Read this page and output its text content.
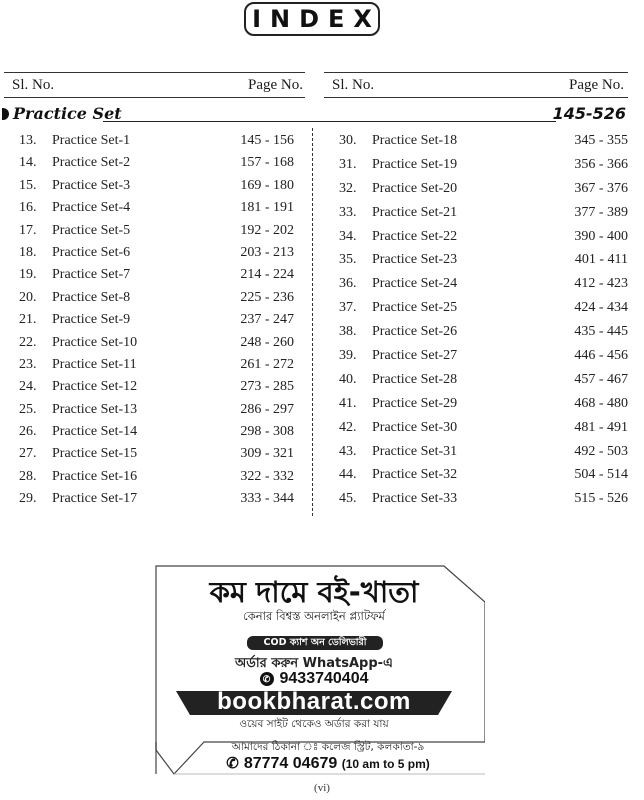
INDEX
Sl. No.	Page No. Sl. No.	Page No.
Practice Set	145-526
13. Practice Set-1	145 - 156
14. Practice Set-2	157 - 168
15. Practice Set-3	169 - 180
16. Practice Set-4	181 - 191
17. Practice Set-5	192 - 202
18. Practice Set-6	203 - 213
19. Practice Set-7	214 - 224
20. Practice Set-8	225 - 236
21. Practice Set-9	237 - 247
22. Practice Set-10	248 - 260
23. Practice Set-11	261 - 272
24. Practice Set-12	273 - 285
25. Practice Set-13	286 - 297
26. Practice Set-14	298 - 308
27. Practice Set-15	309 - 321
28. Practice Set-16	322 - 332
29. Practice Set-17	333 - 344
30. Practice Set-18	345 - 355
31. Practice Set-19	356 - 366
32. Practice Set-20	367 - 376
33. Practice Set-21	377 - 389
34. Practice Set-22	390 - 400
35. Practice Set-23	401 - 411
36. Practice Set-24	412 - 423
37. Practice Set-25	424 - 434
38. Practice Set-26	435 - 445
39. Practice Set-27	446 - 456
40. Practice Set-28	457 - 467
41. Practice Set-29	468 - 480
42. Practice Set-30	481 - 491
43. Practice Set-31	492 - 503
44. Practice Set-32	504 - 514
45. Practice Set-33	515 - 526
কম দামে বই-খাতা
কেনার বিশ্বস্ত অনলাইন প্ল্যাটফর্ম
COD ক্যাশ অন ডেলিভারী
অর্ডার করুন WhatsApp-এ
✆ 9433740404
bookbharat.com
ওয়েব সাইট থেকেও অর্ডার করা যায়
আমাদের ঠিকানা ঃ কলেজ স্ট্রিট, কলকাতা-৯
✆ 87774 04679 (10 am to 5 pm)
(vi)
